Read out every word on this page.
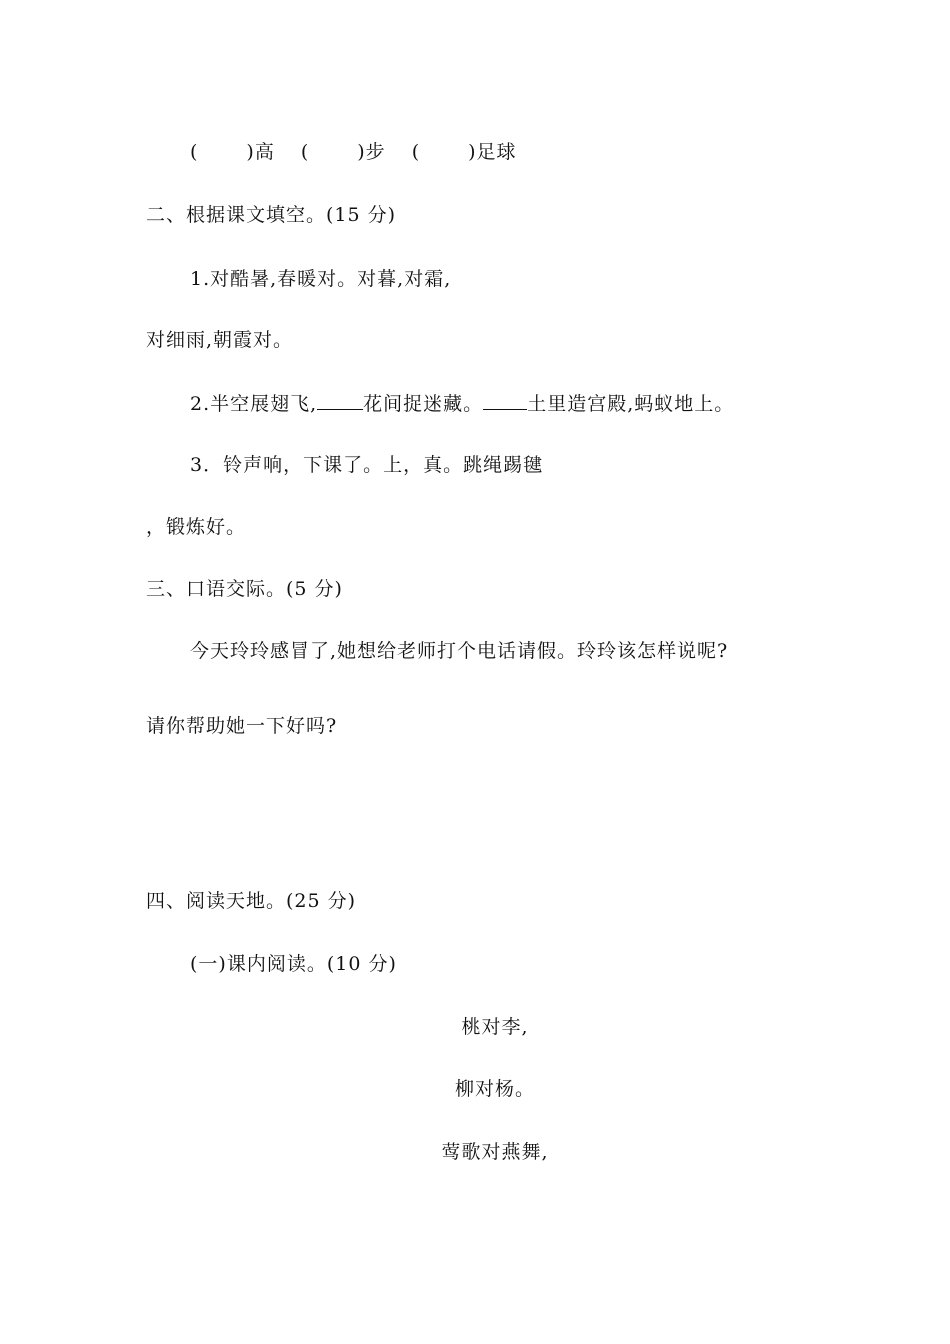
(	)高 (	)步 (	)足球
二、根据课文填空。(15 分)
1.对酷暑,春暖对。对暮,对霜,
对细雨,朝霞对。
2.半空展翅飞, 花间捉迷藏。 土里造宫殿,蚂蚁地上。
3．铃声响，下课了。上，真。跳绳踢毽
，锻炼好。
三、口语交际。(5 分)
今天玲玲感冒了,她想给老师打个电话请假。玲玲该怎样说呢?
请你帮助她一下好吗?
四、阅读天地。(25 分)
(一)课内阅读。(10 分)
桃对李,
柳对杨。
莺歌对燕舞,
